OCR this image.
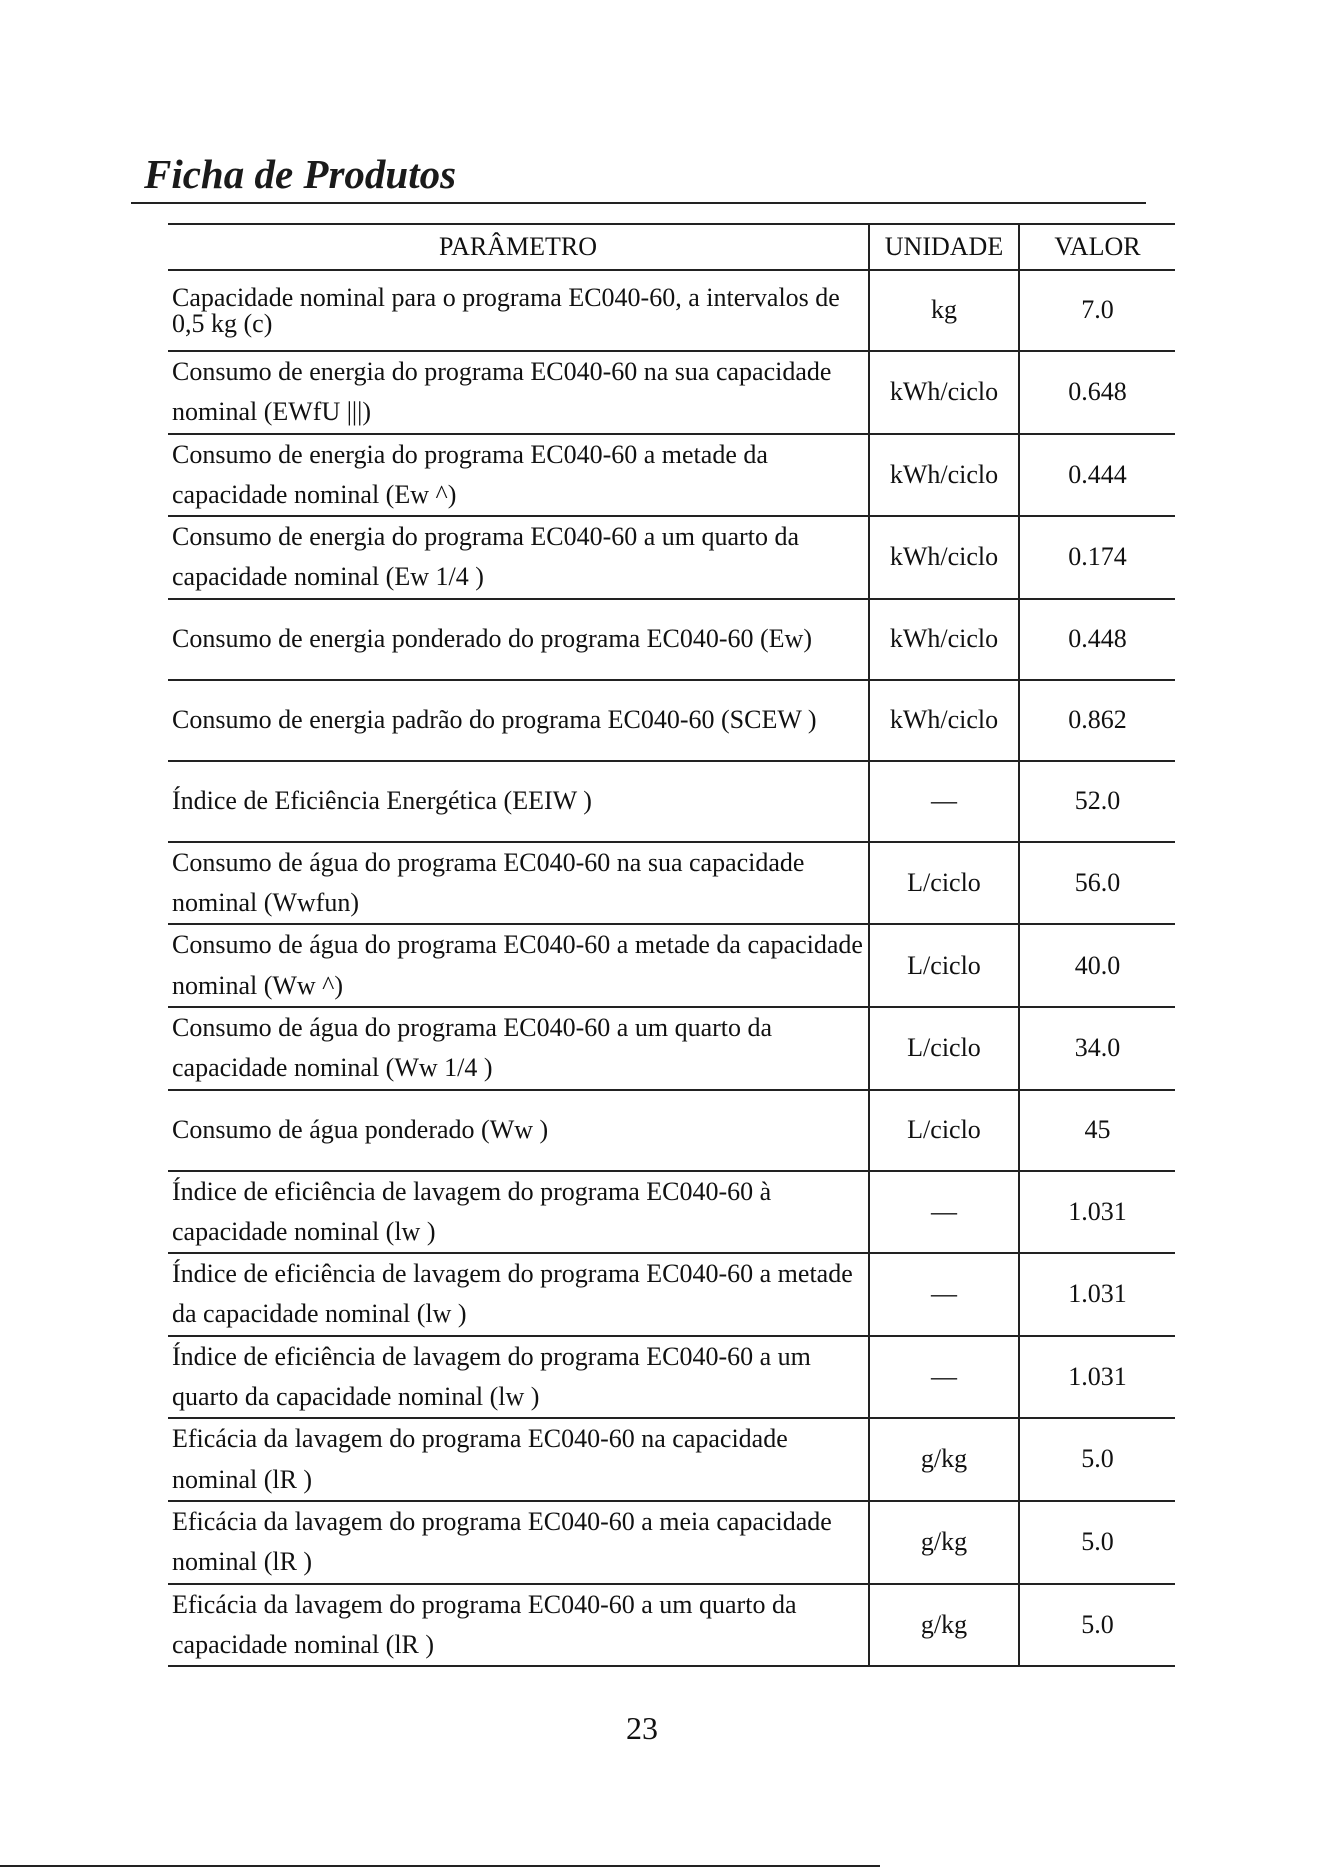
Ficha de Produtos
PARÂMETRO	UNIDADE	VALOR
Capacidade nominal para o programa EC040-60, a intervalos de 0,5 kg (c)	kg	7.0
Consumo de energia do programa EC040-60 na sua capacidade nominal (EWfU |||)	kWh/ciclo	0.648
Consumo de energia do programa EC040-60 a metade da capacidade nominal (Ew ^)	kWh/ciclo	0.444
Consumo de energia do programa EC040-60 a um quarto da capacidade nominal (Ew 1/4 )	kWh/ciclo	0.174
Consumo de energia ponderado do programa EC040-60 (Ew)	kWh/ciclo	0.448
Consumo de energia padrão do programa EC040-60 (SCEW )	kWh/ciclo	0.862
Índice de Eficiência Energética (EEIW )	—	52.0
Consumo de água do programa EC040-60 na sua capacidade nominal (Wwfun)	L/ciclo	56.0
Consumo de água do programa EC040-60 a metade da capacidade nominal (Ww ^)	L/ciclo	40.0
Consumo de água do programa EC040-60 a um quarto da capacidade nominal (Ww 1/4 )	L/ciclo	34.0
Consumo de água ponderado (Ww )	L/ciclo	45
Índice de eficiência de lavagem do programa EC040-60 à capacidade nominal (lw )	—	1.031
Índice de eficiência de lavagem do programa EC040-60 a metade da capacidade nominal (lw )	—	1.031
Índice de eficiência de lavagem do programa EC040-60 a um quarto da capacidade nominal (lw )	—	1.031
Eficácia da lavagem do programa EC040-60 na capacidade nominal (lR )	g/kg	5.0
Eficácia da lavagem do programa EC040-60 a meia capacidade nominal (lR )	g/kg	5.0
Eficácia da lavagem do programa EC040-60 a um quarto da capacidade nominal (lR )	g/kg	5.0
23
